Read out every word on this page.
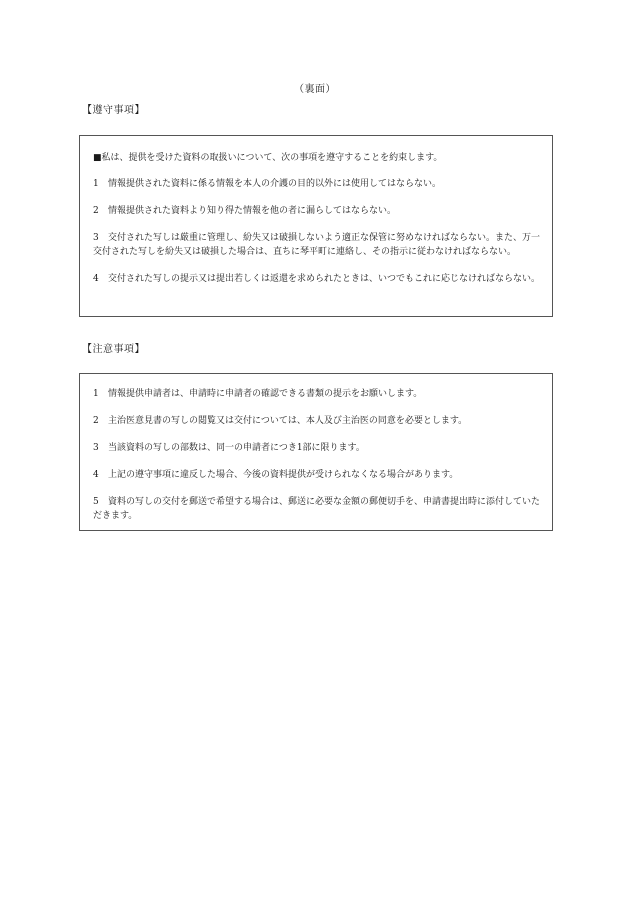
（裏面）
【遵守事項】

■私は、提供を受けた資料の取扱いについて、次の事項を遵守することを約束します。

1 情報提供された資料に係る情報を本人の介護の目的以外には使用してはならない。
2 情報提供された資料より知り得た情報を他の者に漏らしてはならない。
3 交付された写しは厳重に管理し、紛失又は破損しないよう適正な保管に努めなければならない。また、万一交付された写しを紛失又は破損した場合は、直ちに琴平町に連絡し、その指示に従わなければならない。
4 交付された写しの提示又は提出若しくは返還を求められたときは、いつでもこれに応じなければならない。
【注意事項】
1 情報提供申請者は、申請時に申請者の確認できる書類の提示をお願いします。
2 主治医意見書の写しの閲覧又は交付については、本人及び主治医の同意を必要とします。
3 当該資料の写しの部数は、同一の申請者につき1部に限ります。
4 上記の遵守事項に違反した場合、今後の資料提供が受けられなくなる場合があります。
5 資料の写しの交付を郵送で希望する場合は、郵送に必要な金額の郵便切手を、申請書提出時に添付していただきます。
